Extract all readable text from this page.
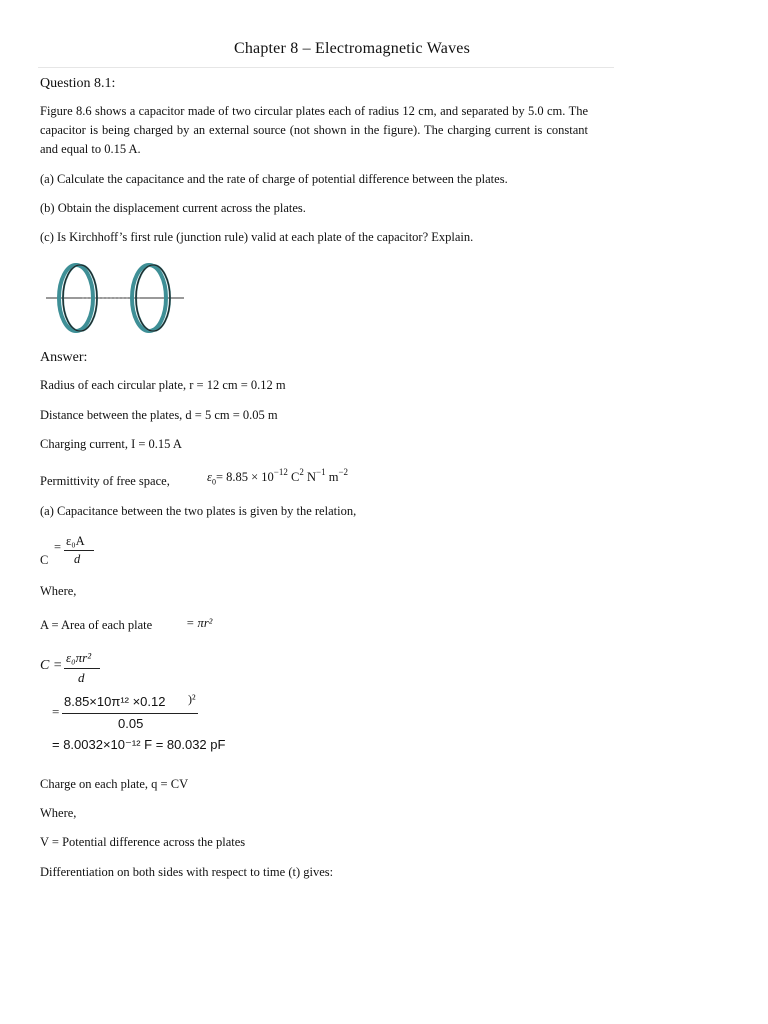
Chapter 8 – Electromagnetic Waves
Question 8.1:
Figure 8.6 shows a capacitor made of two circular plates each of radius 12 cm, and separated by 5.0 cm. The capacitor is being charged by an external source (not shown in the figure). The charging current is constant and equal to 0.15 A.
(a) Calculate the capacitance and the rate of charge of potential difference between the plates.
(b) Obtain the displacement current across the plates.
(c) Is Kirchhoff’s first rule (junction rule) valid at each plate of the capacitor? Explain.
Answer:
Radius of each circular plate, r = 12 cm = 0.12 m
Distance between the plates, d = 5 cm = 0.05 m
Charging current, I = 0.15 A
Permittivity of free space,	$\varepsilon_0= 8.85 \times 10^{-12}$ $C^2$ $N^{-1}$ $m^{-2}$
(a) Capacitance between the two plates is given by the relation,
C
= ε₀A
d
Where,
A = Area of each plate	= πr²
C =
ε₀πr²
d
=
8.85×10π¹² ×0.12 )²
0.05
= 8.0032×10⁻¹² F = 80.032 pF
Charge on each plate, q = CV
Where,
V = Potential difference across the plates
Differentiation on both sides with respect to time (t) gives:
